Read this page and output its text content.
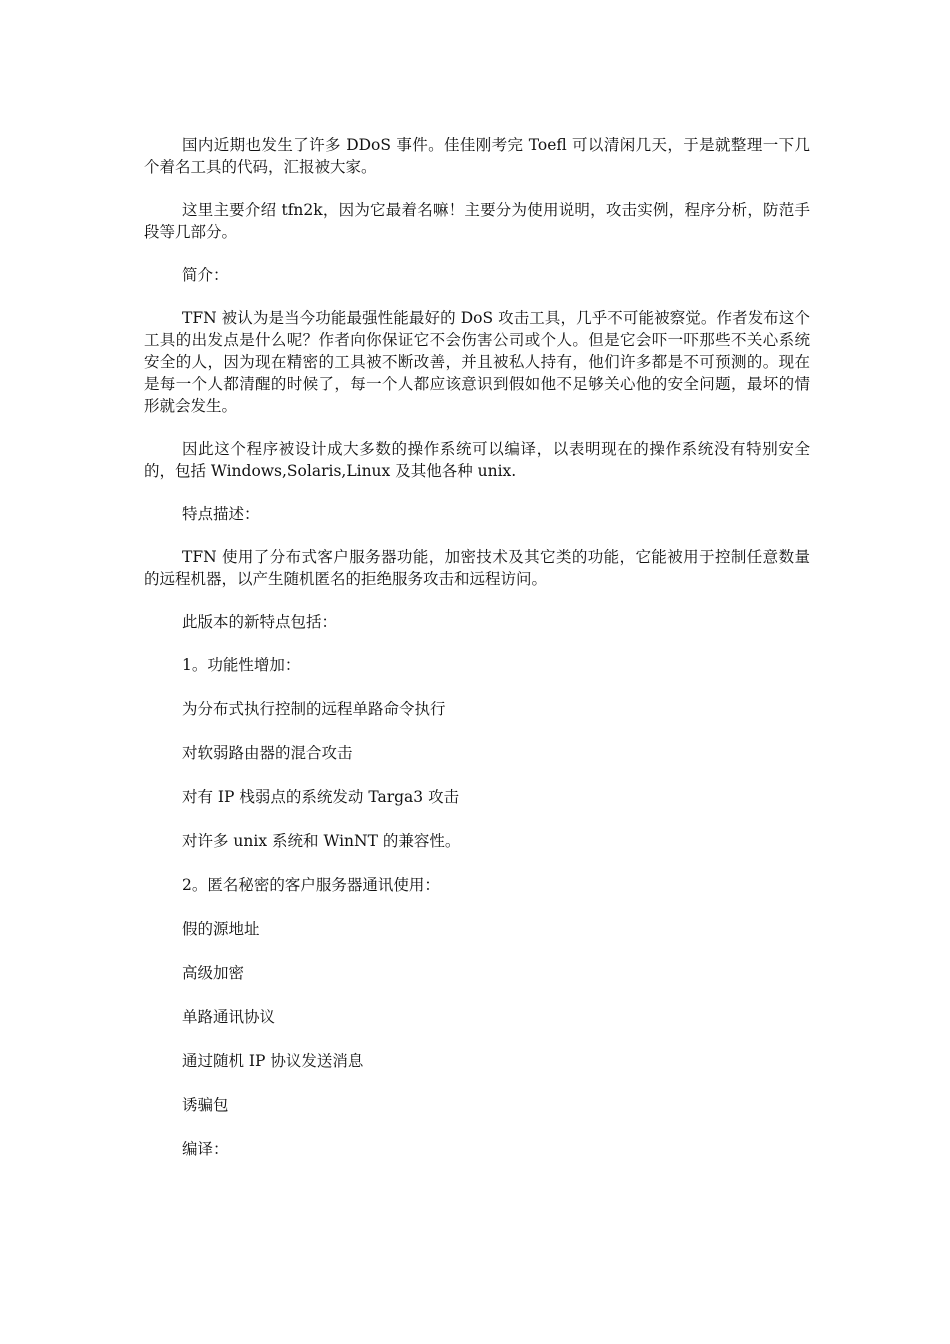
国内近期也发生了许多 DDoS 事件。佳佳刚考完 Toefl 可以清闲几天，于是就整理一下几个着名工具的代码，汇报被大家。

这里主要介绍 tfn2k，因为它最着名嘛！主要分为使用说明，攻击实例，程序分析，防范手段等几部分。

简介：

TFN 被认为是当今功能最强性能最好的 DoS 攻击工具，几乎不可能被察觉。作者发布这个工具的出发点是什么呢？作者向你保证它不会伤害公司或个人。但是它会吓一吓那些不关心系统安全的人，因为现在精密的工具被不断改善，并且被私人持有，他们许多都是不可预测的。现在是每一个人都清醒的时候了，每一个人都应该意识到假如他不足够关心他的安全问题，最坏的情形就会发生。

因此这个程序被设计成大多数的操作系统可以编译，以表明现在的操作系统没有特别安全的，包括 Windows,Solaris,Linux 及其他各种 unix.

特点描述：

TFN 使用了分布式客户服务器功能，加密技术及其它类的功能，它能被用于控制任意数量的远程机器，以产生随机匿名的拒绝服务攻击和远程访问。

此版本的新特点包括：

1。功能性增加：

为分布式执行控制的远程单路命令执行

对软弱路由器的混合攻击

对有 IP 栈弱点的系统发动 Targa3 攻击

对许多 unix 系统和 WinNT 的兼容性。

2。匿名秘密的客户服务器通讯使用：

假的源地址

高级加密

单路通讯协议

通过随机 IP 协议发送消息

诱骗包

编译：
